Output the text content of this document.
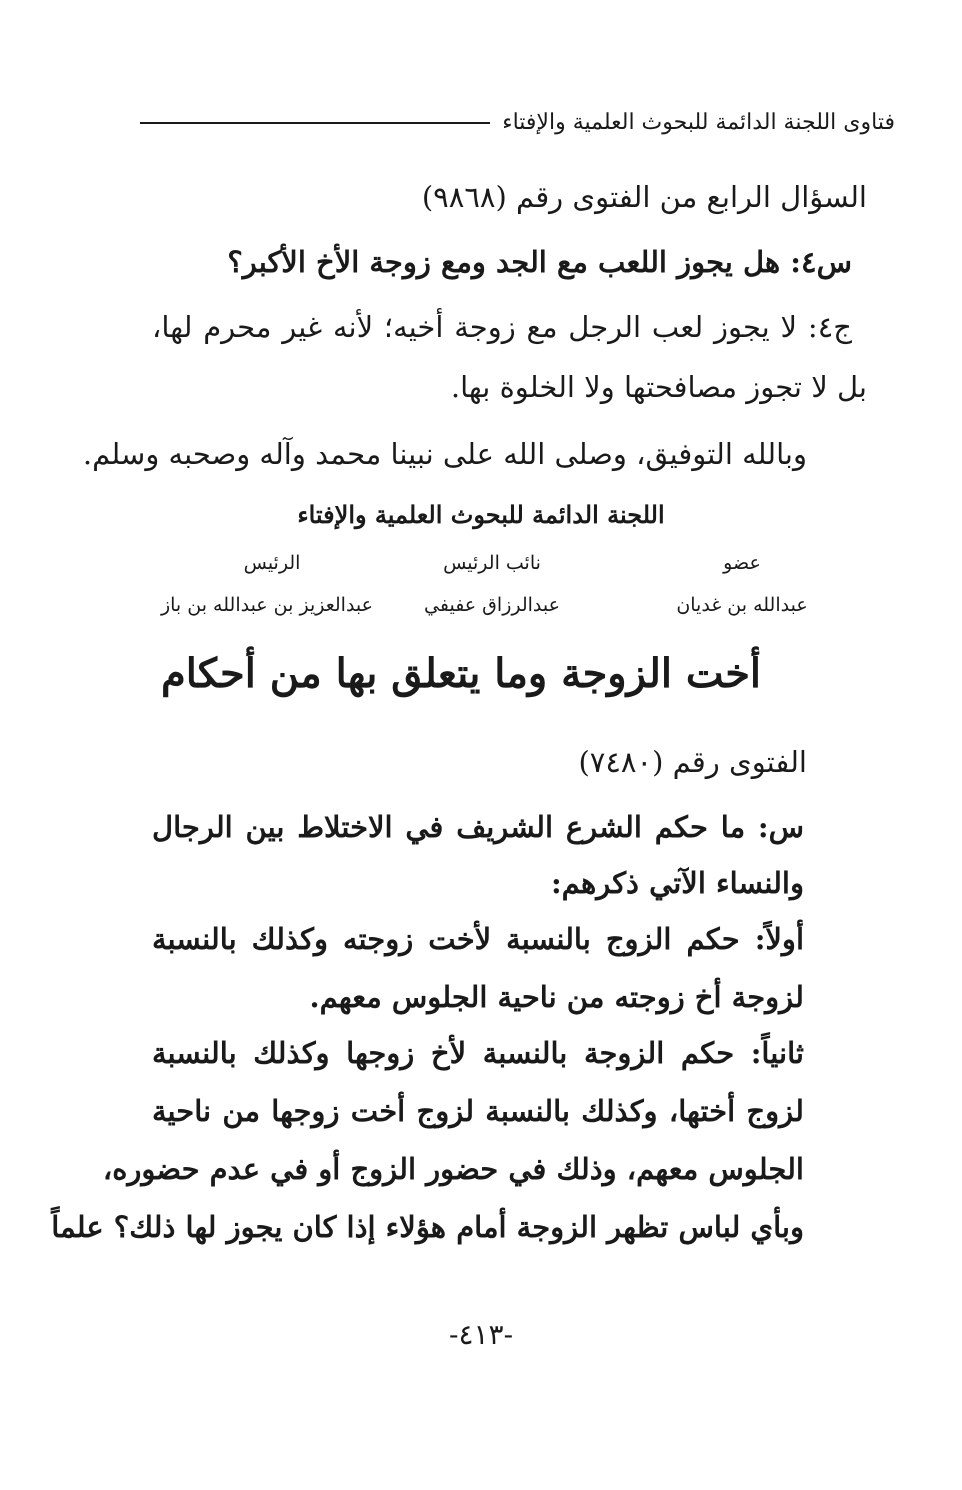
فتاوى اللجنة الدائمة للبحوث العلمية والإفتاء
السؤال الرابع من الفتوى رقم (٩٨٦٨)
س٤: هل يجوز اللعب مع الجد ومع زوجة الأخ الأكبر؟
ج٤: لا يجوز لعب الرجل مع زوجة أخيه؛ لأنه غير محرم لها،
بل لا تجوز مصافحتها ولا الخلوة بها.
وبالله التوفيق، وصلى الله على نبينا محمد وآله وصحبه وسلم.
اللجنة الدائمة للبحوث العلمية والإفتاء
عضو
نائب الرئيس
الرئيس
عبدالله بن غديان
عبدالرزاق عفيفي
عبدالعزيز بن عبدالله بن باز
أخت الزوجة وما يتعلق بها من أحكام
الفتوى رقم (٧٤٨٠)
س: ما حكم الشرع الشريف في الاختلاط بين الرجال
والنساء الآتي ذكرهم:
أولاً: حكم الزوج بالنسبة لأخت زوجته وكذلك بالنسبة
لزوجة أخ زوجته من ناحية الجلوس معهم.
ثانياً: حكم الزوجة بالنسبة لأخ زوجها وكذلك بالنسبة
لزوج أختها، وكذلك بالنسبة لزوج أخت زوجها من ناحية
الجلوس معهم، وذلك في حضور الزوج أو في عدم حضوره،
وبأي لباس تظهر الزوجة أمام هؤلاء إذا كان يجوز لها ذلك؟ علماً
-٤١٣-
